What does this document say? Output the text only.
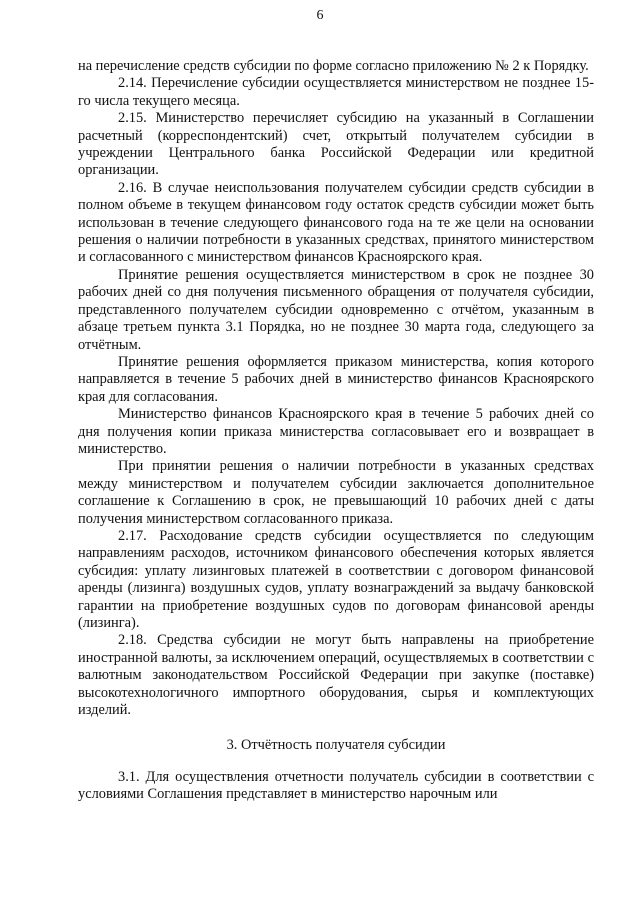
6

на перечисление средств субсидии по форме согласно приложению № 2 к Порядку.

2.14. Перечисление субсидии осуществляется министерством не позднее 15-го числа текущего месяца.

2.15. Министерство перечисляет субсидию на указанный в Соглашении расчетный (корреспондентский) счет, открытый получателем субсидии в учреждении Центрального банка Российской Федерации или кредитной организации.

2.16. В случае неиспользования получателем субсидии средств субсидии в полном объеме в текущем финансовом году остаток средств субсидии может быть использован в течение следующего финансового года на те же цели на основании решения о наличии потребности в указанных средствах, принятого министерством и согласованного с министерством финансов Красноярского края.

Принятие решения осуществляется министерством в срок не позднее 30 рабочих дней со дня получения письменного обращения от получателя субсидии, представленного получателем субсидии одновременно с отчётом, указанным в абзаце третьем пункта 3.1 Порядка, но не позднее 30 марта года, следующего за отчётным.

Принятие решения оформляется приказом министерства, копия которого направляется в течение 5 рабочих дней в министерство финансов Красноярского края для согласования.

Министерство финансов Красноярского края в течение 5 рабочих дней со дня получения копии приказа министерства согласовывает его и возвращает в министерство.

При принятии решения о наличии потребности в указанных средствах между министерством и получателем субсидии заключается дополнительное соглашение к Соглашению в срок, не превышающий 10 рабочих дней с даты получения министерством согласованного приказа.

2.17. Расходование средств субсидии осуществляется по следующим направлениям расходов, источником финансового обеспечения которых является субсидия: уплату лизинговых платежей в соответствии с договором финансовой аренды (лизинга) воздушных судов, уплату вознаграждений за выдачу банковской гарантии на приобретение воздушных судов по договорам финансовой аренды (лизинга).

2.18. Средства субсидии не могут быть направлены на приобретение иностранной валюты, за исключением операций, осуществляемых в соответствии с валютным законодательством Российской Федерации при закупке (поставке) высокотехнологичного импортного оборудования, сырья и комплектующих изделий.

3. Отчётность получателя субсидии

3.1. Для осуществления отчетности получатель субсидии в соответствии с условиями Соглашения представляет в министерство нарочным или
